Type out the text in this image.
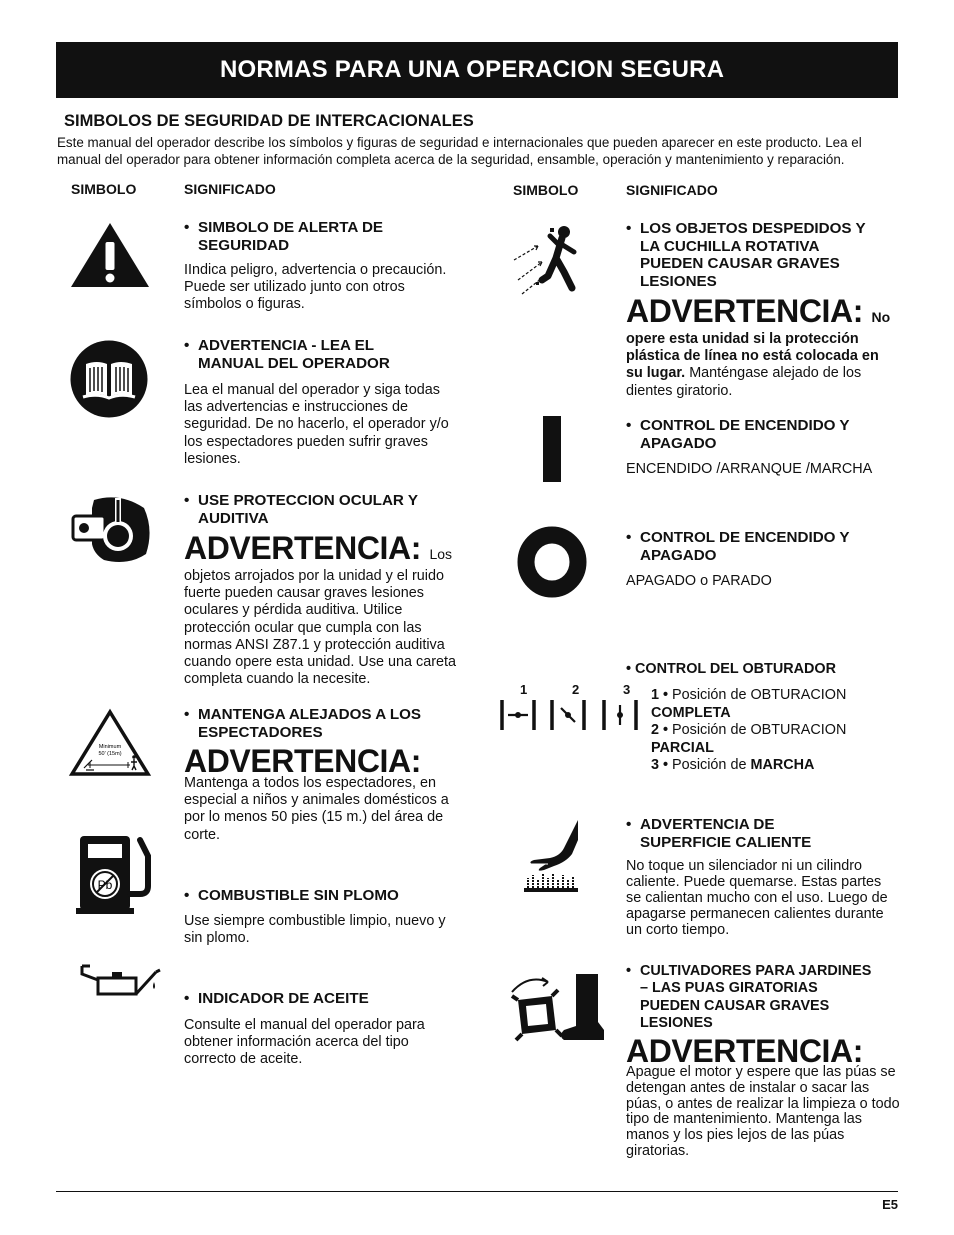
NORMAS PARA UNA OPERACION SEGURA
SIMBOLOS DE SEGURIDAD DE INTERCACIONALES
Este manual del operador describe los símbolos y figuras de seguridad e internacionales que pueden aparecer en este producto. Lea el manual del operador para obtener información completa acerca de la seguridad, ensamble, operación y mantenimiento y reparación.
SIMBOLO	SIGNIFICADO	SIMBOLO	SIGNIFICADO
• SIMBOLO DE ALERTA DE
SEGURIDAD
IIndica peligro, advertencia o precaución. Puede ser utilizado junto con otros símbolos o figuras.
• ADVERTENCIA - LEA EL
MANUAL DEL OPERADOR
Lea el manual del operador y siga todas las advertencias e instrucciones de seguridad. De no hacerlo, el operador y/o los espectadores pueden sufrir graves lesiones.
• USE PROTECCION OCULAR Y
AUDITIVA
ADVERTENCIA: Los
objetos arrojados por la unidad y el ruido fuerte pueden causar graves lesiones oculares y pérdida auditiva. Utilice protección ocular que cumpla con las normas ANSI Z87.1 y protección auditiva cuando opere esta unidad. Use una careta completa cuando la necesite.
Minimum
50' (15m)
• MANTENGA ALEJADOS A LOS
ESPECTADORES
ADVERTENCIA:
Mantenga a todos los espectadores, en especial a niños y animales domésticos a por lo menos 50 pies (15 m.) del área de corte.
Pb
• COMBUSTIBLE SIN PLOMO
Use siempre combustible limpio, nuevo y sin plomo.
• INDICADOR DE ACEITE
Consulte el manual del operador para obtener información acerca del tipo correcto de aceite.
• LOS OBJETOS DESPEDIDOS Y
LA CUCHILLA ROTATIVA
PUEDEN CAUSAR GRAVES
LESIONES
ADVERTENCIA: No
opere esta unidad si la protección plástica de línea no está colocada en su lugar. Manténgase alejado de los dientes giratorio.
• CONTROL DE ENCENDIDO Y
APAGADO
ENCENDIDO /ARRANQUE /MARCHA
• CONTROL DE ENCENDIDO Y
APAGADO
APAGADO o PARADO
• CONTROL DEL OBTURADOR
1	2	3 1 • Posición de OBTURACION
COMPLETA
2 • Posición de OBTURACION
PARCIAL
3 • Posición de MARCHA
• ADVERTENCIA DE
SUPERFICIE CALIENTE
No toque un silenciador ni un cilindro caliente. Puede quemarse. Estas partes se calientan mucho con el uso. Luego de apagarse permanecen calientes durante un corto tiempo.
• CULTIVADORES PARA JARDINES
– LAS PUAS GIRATORIAS
PUEDEN CAUSAR GRAVES
LESIONES
ADVERTENCIA:
Apague el motor y espere que las púas se detengan antes de instalar o sacar las púas, o antes de realizar la limpieza o todo tipo de mantenimiento. Mantenga las manos y los pies lejos de las púas giratorias.
E5
